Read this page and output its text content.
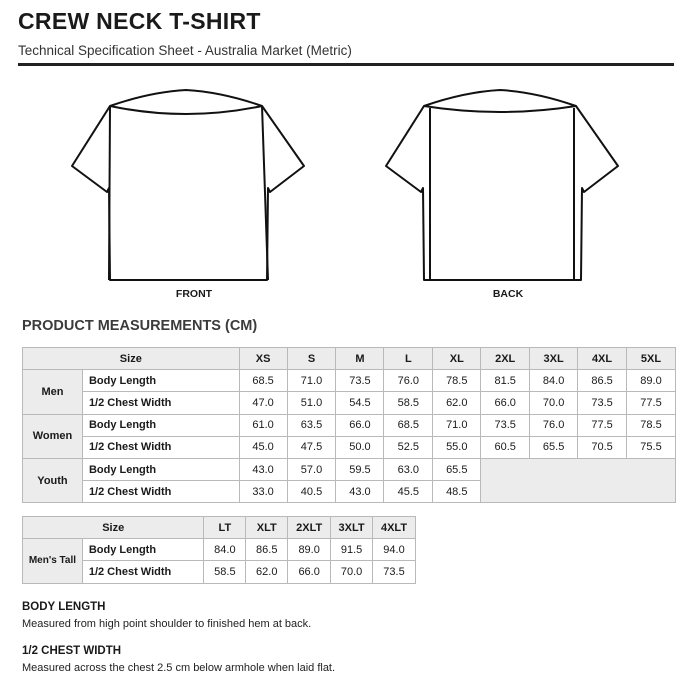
CREW NECK T-SHIRT
Technical Specification Sheet - Australia Market (Metric)
FRONT	BACK
PRODUCT MEASUREMENTS (CM)
Size		XS	S	M	L	XL	2XL	3XL	4XL	5XL
Men	Body Length	68.5	71.0	73.5	76.0	78.5	81.5	84.0	86.5	89.0
	1/2 Chest Width	47.0	51.0	54.5	58.5	62.0	66.0	70.0	73.5	77.5
Women	Body Length	61.0	63.5	66.0	68.5	71.0	73.5	76.0	77.5	78.5
	1/2 Chest Width	45.0	47.5	50.0	52.5	55.0	60.5	65.5	70.5	75.5
Youth	Body Length	43.0	57.0	59.5	63.0	65.5				
	1/2 Chest Width	33.0	40.5	43.0	45.5	48.5				
Size		LT	XLT	2XLT	3XLT	4XLT
Men's Tall	Body Length	84.0	86.5	89.0	91.5	94.0
	1/2 Chest Width	58.5	62.0	66.0	70.0	73.5
BODY LENGTH
Measured from high point shoulder to finished hem at back.
1/2 CHEST WIDTH
Measured across the chest 2.5 cm below armhole when laid flat.
